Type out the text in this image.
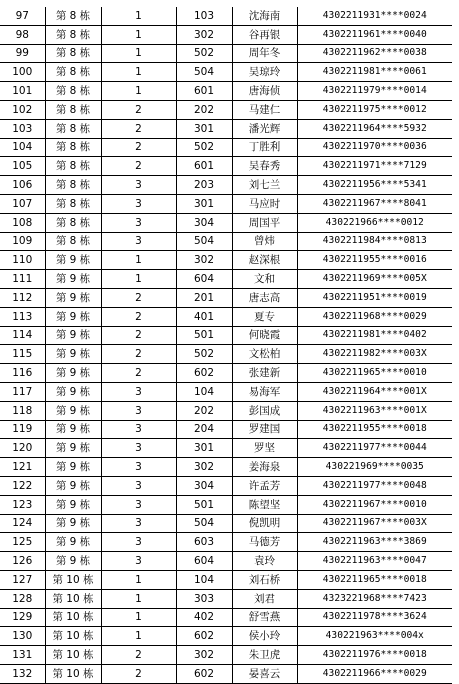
97	第 8 栋	1	103	沈海南	4302211931****0024
98	第 8 栋	1	302	谷再银	4302211961****0040
99	第 8 栋	1	502	周年冬	4302211962****0038
100	第 8 栋	1	504	吴琼玲	4302211981****0061
101	第 8 栋	1	601	唐海侦	4302211979****0014
102	第 8 栋	2	202	马建仁	4302211975****0012
103	第 8 栋	2	301	潘光辉	4302211964****5932
104	第 8 栋	2	502	丁胜利	4302211970****0036
105	第 8 栋	2	601	吴春秀	4302211971****7129
106	第 8 栋	3	203	刘七兰	4302211956****5341
107	第 8 栋	3	301	马应时	4302211967****8041
108	第 8 栋	3	304	周国平	430221966****0012
109	第 8 栋	3	504	曾炜	4302211984****0813
110	第 9 栋	1	302	赵深根	4302211955****0016
111	第 9 栋	1	604	文和	4302211969****005X
112	第 9 栋	2	201	唐志高	4302211951****0019
113	第 9 栋	2	401	夏专	4302211968****0029
114	第 9 栋	2	501	何晓霞	4302211981****0402
115	第 9 栋	2	502	文松柏	4302211982****003X
116	第 9 栋	2	602	张建新	4302211965****0010
117	第 9 栋	3	104	易海军	4302211964****001X
118	第 9 栋	3	202	彭国成	4302211963****001X
119	第 9 栋	3	204	罗建国	4302211955****0018
120	第 9 栋	3	301	罗坚	4302211977****0044
121	第 9 栋	3	302	姜海泉	430221969****0035
122	第 9 栋	3	304	许孟芳	4302211977****0048
123	第 9 栋	3	501	陈望坚	4302211967****0010
124	第 9 栋	3	504	倪凯明	4302211967****003X
125	第 9 栋	3	603	马德芳	4302211963****3869
126	第 9 栋	3	604	袁玲	4302211963****0047
127	第 10 栋	1	104	刘石桥	4302211965****0018
128	第 10 栋	1	303	刘君	4323221968****7423
129	第 10 栋	1	402	舒雪燕	4302211978****3624
130	第 10 栋	1	602	侯小玲	430221963****004x
131	第 10 栋	2	302	朱卫虎	4302211976****0018
132	第 10 栋	2	602	晏喜云	4302211966****0029
